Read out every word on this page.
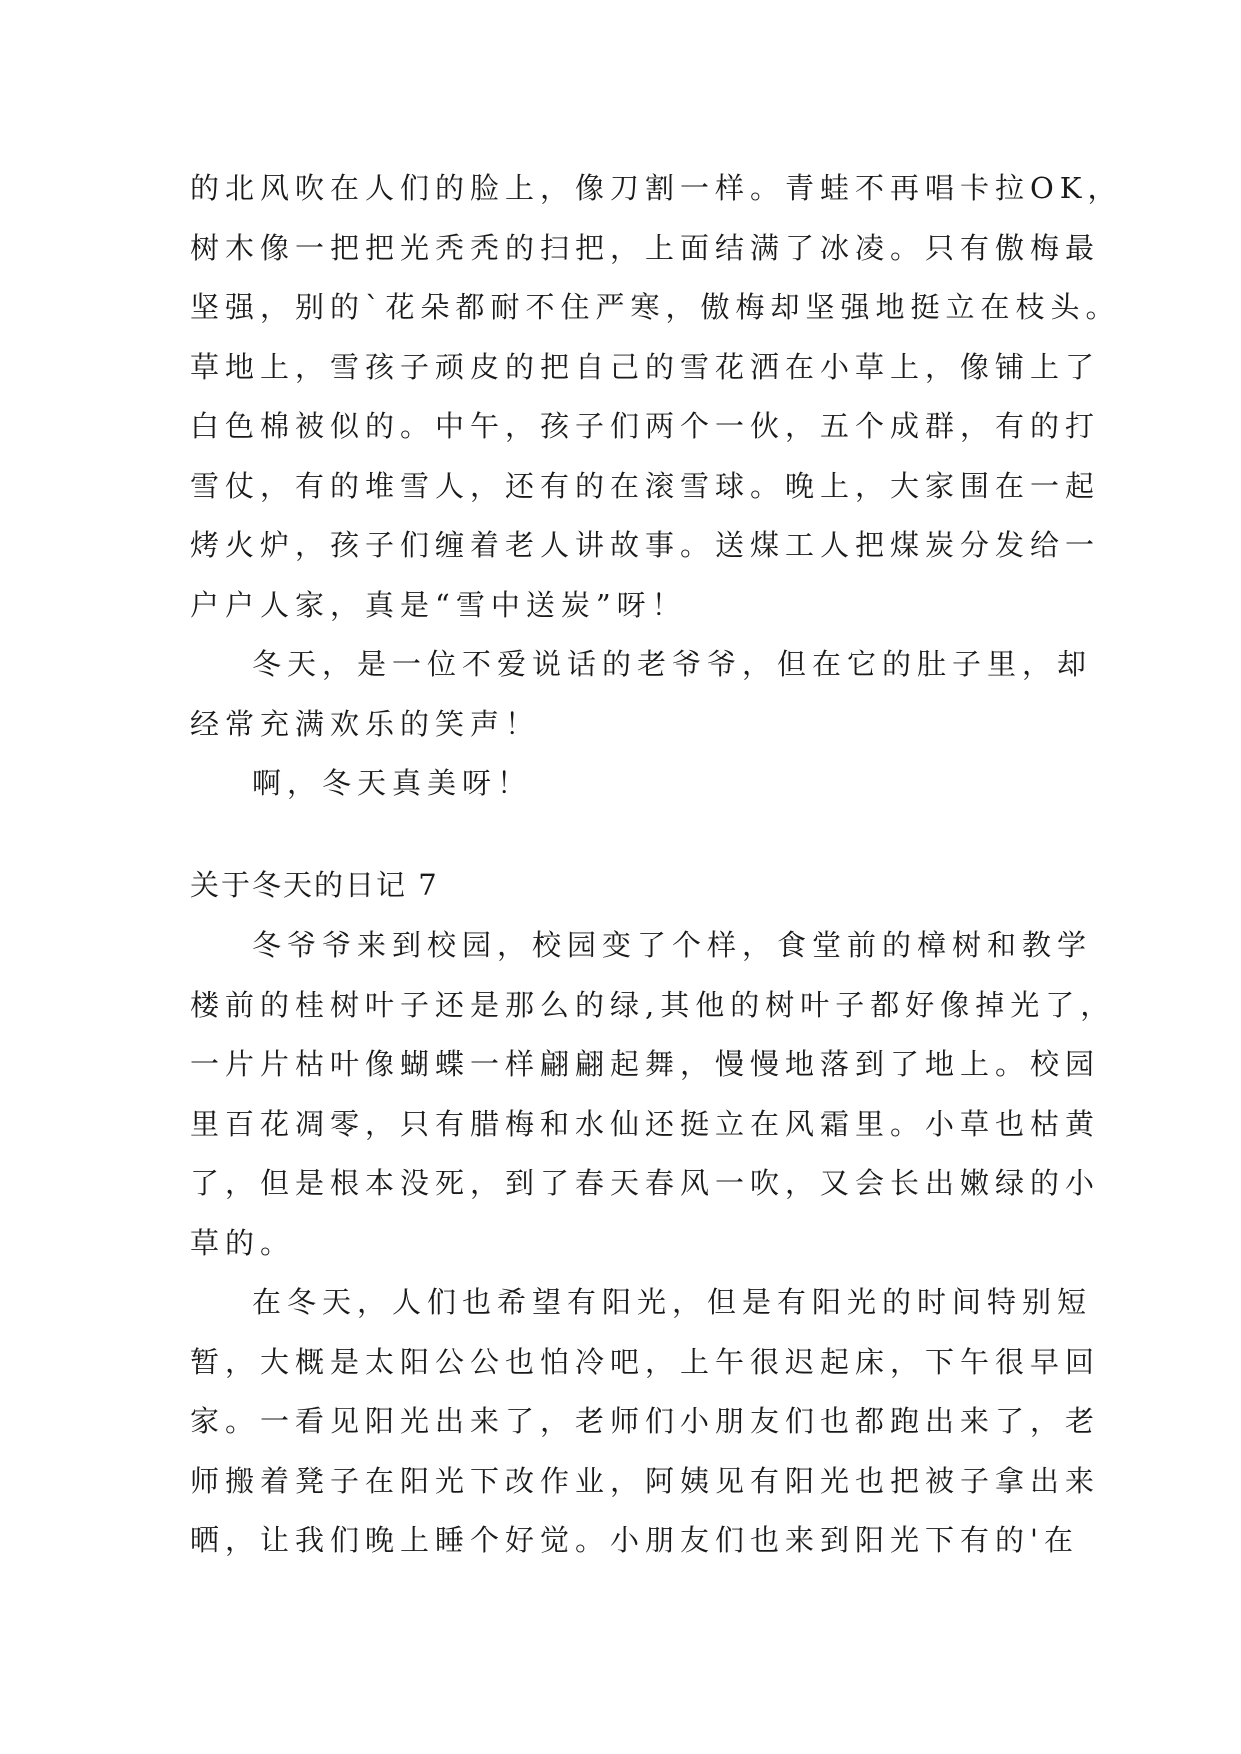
的北风吹在人们的脸上，像刀割一样。青蛙不再唱卡拉OK，
树木像一把把光秃秃的扫把，上面结满了冰凌。只有傲梅最
坚强，别的`花朵都耐不住严寒，傲梅却坚强地挺立在枝头。
草地上，雪孩子顽皮的把自己的雪花洒在小草上，像铺上了
白色棉被似的。中午，孩子们两个一伙，五个成群，有的打
雪仗，有的堆雪人，还有的在滚雪球。晚上，大家围在一起
烤火炉，孩子们缠着老人讲故事。送煤工人把煤炭分发给一
户户人家，真是“雪中送炭”呀！
冬天，是一位不爱说话的老爷爷，但在它的肚子里，却
经常充满欢乐的笑声！
啊，冬天真美呀！
关于冬天的日记 7
冬爷爷来到校园，校园变了个样，食堂前的樟树和教学
楼前的桂树叶子还是那么的绿,其他的树叶子都好像掉光了，
一片片枯叶像蝴蝶一样翩翩起舞，慢慢地落到了地上。校园
里百花凋零，只有腊梅和水仙还挺立在风霜里。小草也枯黄
了，但是根本没死，到了春天春风一吹，又会长出嫩绿的小
草的。
在冬天，人们也希望有阳光，但是有阳光的时间特别短
暂，大概是太阳公公也怕冷吧，上午很迟起床，下午很早回
家。一看见阳光出来了，老师们小朋友们也都跑出来了，老
师搬着凳子在阳光下改作业，阿姨见有阳光也把被子拿出来
晒，让我们晚上睡个好觉。小朋友们也来到阳光下有的'在
